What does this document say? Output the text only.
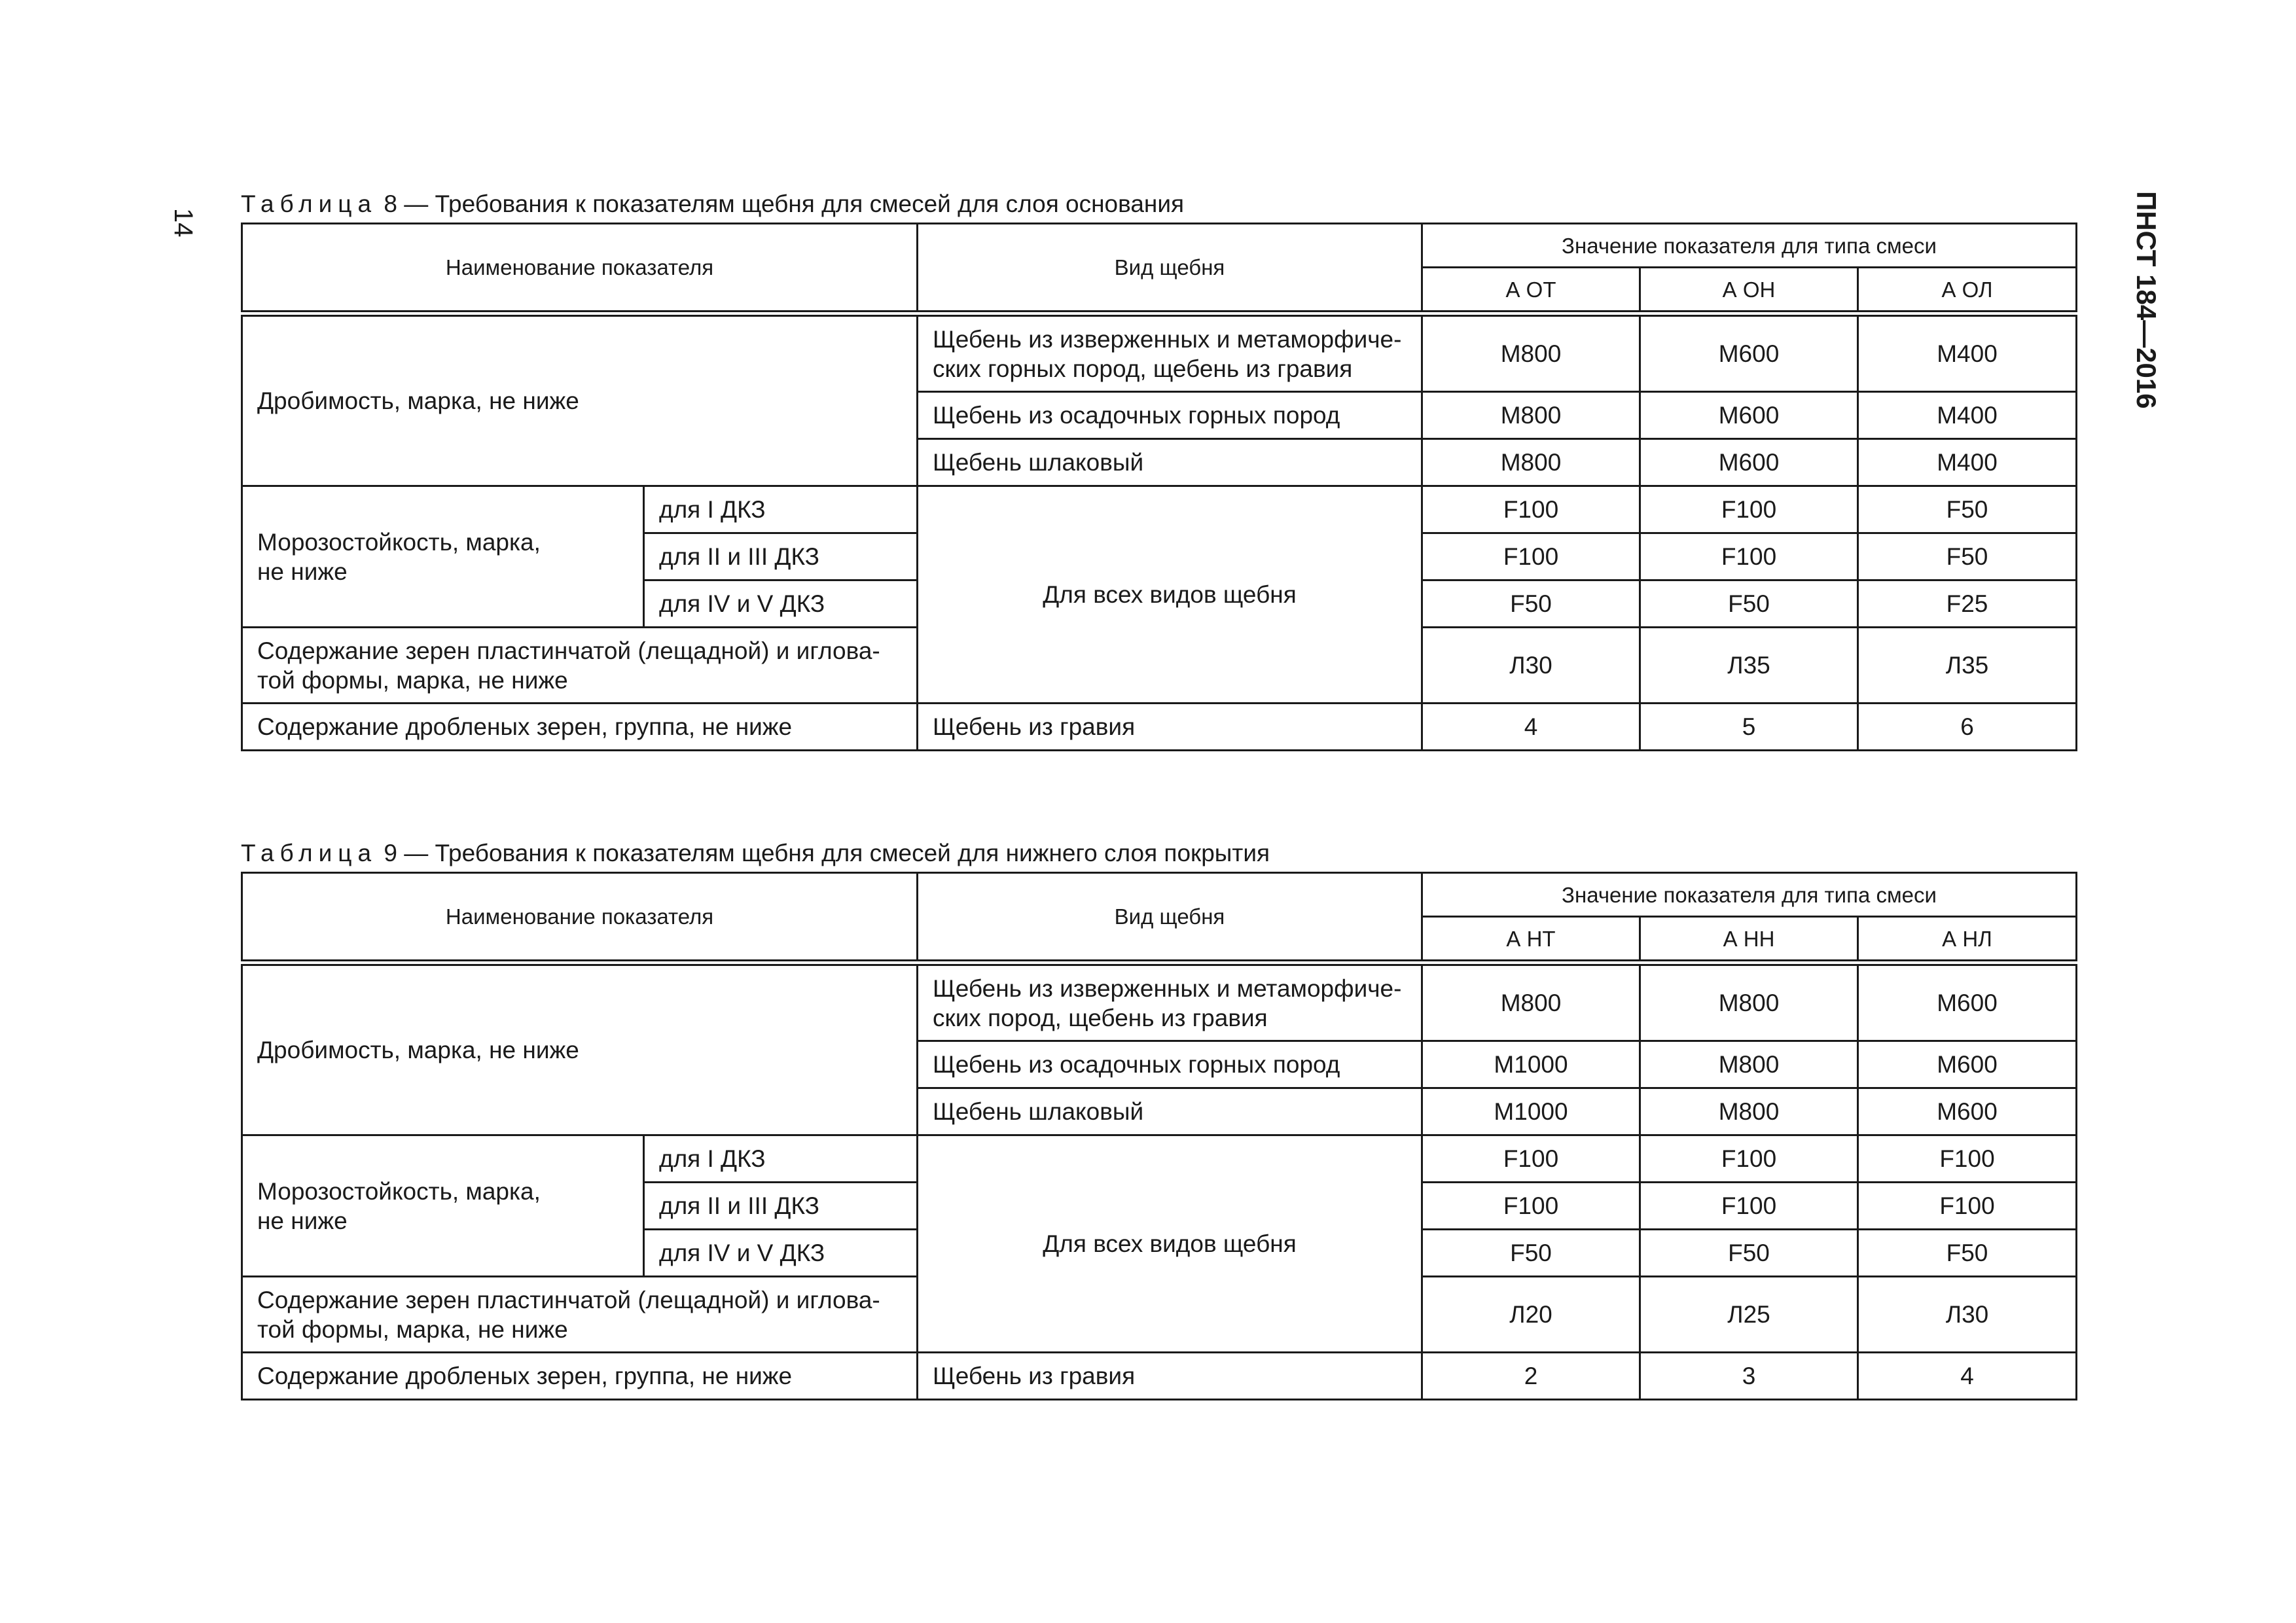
14	ПНСТ 184—2016
Таблица 8 — Требования к показателям щебня для смесей для слоя основания
Наименование показателя		Вид щебня	Значение показателя для типа смеси		
			А ОТ	А ОН	А ОЛ
Дробимость, марка, не ниже		Щебень из изверженных и метаморфиче-
ских горных пород, щебень из гравия	М800	М600	М400
		Щебень из осадочных горных пород	М800	М600	М400
		Щебень шлаковый	М800	М600	М400
Морозостойкость, марка,
не ниже	для I ДКЗ	Для всех видов щебня	F100	F100	F50
	для II и III ДКЗ		F100	F100	F50
	для IV и V ДКЗ		F50	F50	F25
Содержание зерен пластинчатой (лещадной) и иглова-
той формы, марка, не ниже			Л30	Л35	Л35
Содержание дробленых зерен, группа, не ниже		Щебень из гравия	4	5	6
Таблица 9 — Требования к показателям щебня для смесей для нижнего слоя покрытия
Наименование показателя		Вид щебня	Значение показателя для типа смеси		
			А НТ	А НН	А НЛ
Дробимость, марка, не ниже		Щебень из изверженных и метаморфиче-
ских пород, щебень из гравия	М800	М800	М600
		Щебень из осадочных горных пород	М1000	М800	М600
		Щебень шлаковый	М1000	М800	М600
Морозостойкость, марка,
не ниже	для I ДКЗ	Для всех видов щебня	F100	F100	F100
	для II и III ДКЗ		F100	F100	F100
	для IV и V ДКЗ		F50	F50	F50
Содержание зерен пластинчатой (лещадной) и иглова-
той формы, марка, не ниже			Л20	Л25	Л30
Содержание дробленых зерен, группа, не ниже		Щебень из гравия	2	3	4
